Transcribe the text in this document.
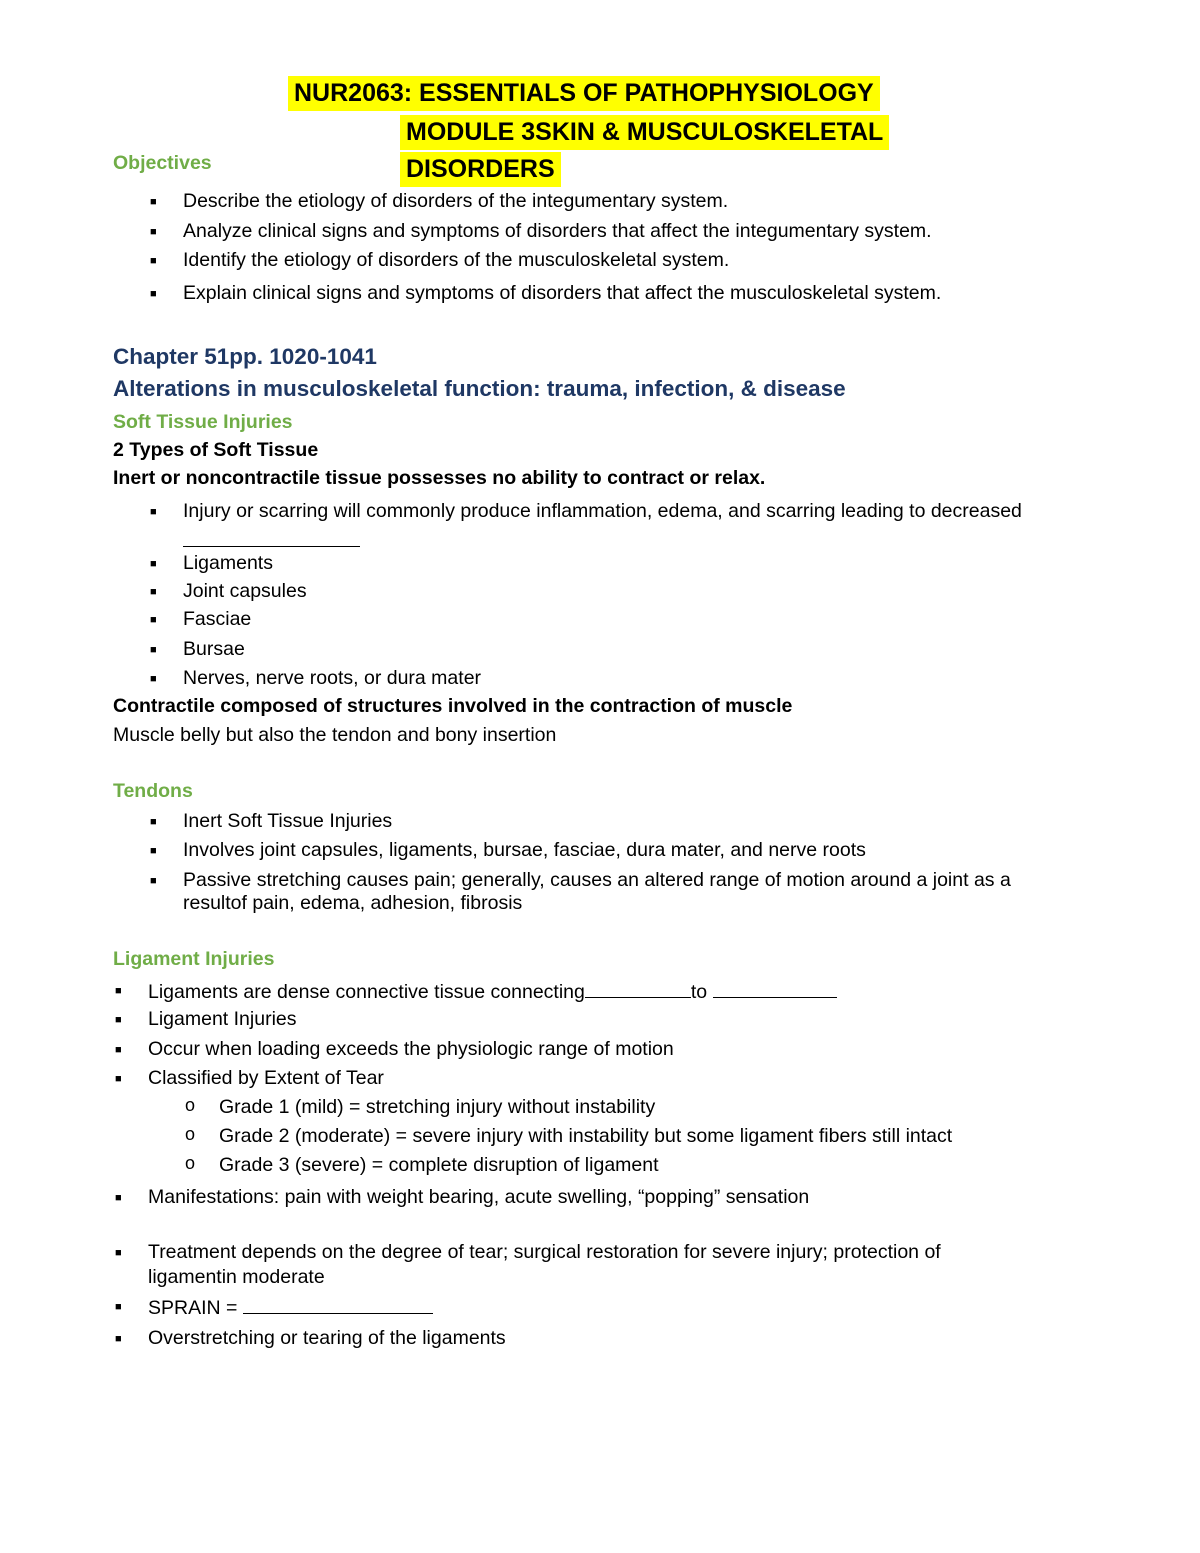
NUR2063: ESSENTIALS OF PATHOPHYSIOLOGY
MODULE 3SKIN & MUSCULOSKELETAL
DISORDERS
Objectives
■ Describe the etiology of disorders of the integumentary system.
■ Analyze clinical signs and symptoms of disorders that affect the integumentary system.
■ Identify the etiology of disorders of the musculoskeletal system.
■ Explain clinical signs and symptoms of disorders that affect the musculoskeletal system.
Chapter 51pp. 1020-1041
Alterations in musculoskeletal function: trauma, infection, & disease
Soft Tissue Injuries
2 Types of Soft Tissue
Inert or noncontractile tissue possesses no ability to contract or relax.
■ Injury or scarring will commonly produce inflammation, edema, and scarring leading to decreased
■ Ligaments
■ Joint capsules
■ Fasciae
■ Bursae
■ Nerves, nerve roots, or dura mater
Contractile composed of structures involved in the contraction of muscle
Muscle belly but also the tendon and bony insertion
Tendons
■ Inert Soft Tissue Injuries
■ Involves joint capsules, ligaments, bursae, fasciae, dura mater, and nerve roots
■ Passive stretching causes pain; generally, causes an altered range of motion around a joint as a
resultof pain, edema, adhesion, fibrosis
Ligament Injuries
■ Ligaments are dense connective tissue connecting	to
■ Ligament Injuries
■ Occur when loading exceeds the physiologic range of motion
■ Classified by Extent of Tear
o Grade 1 (mild) = stretching injury without instability
o Grade 2 (moderate) = severe injury with instability but some ligament fibers still intact
o Grade 3 (severe) = complete disruption of ligament
■ Manifestations: pain with weight bearing, acute swelling, “popping” sensation
■ Treatment depends on the degree of tear; surgical restoration for severe injury; protection of
ligamentin moderate
■ SPRAIN =
■ Overstretching or tearing of the ligaments
